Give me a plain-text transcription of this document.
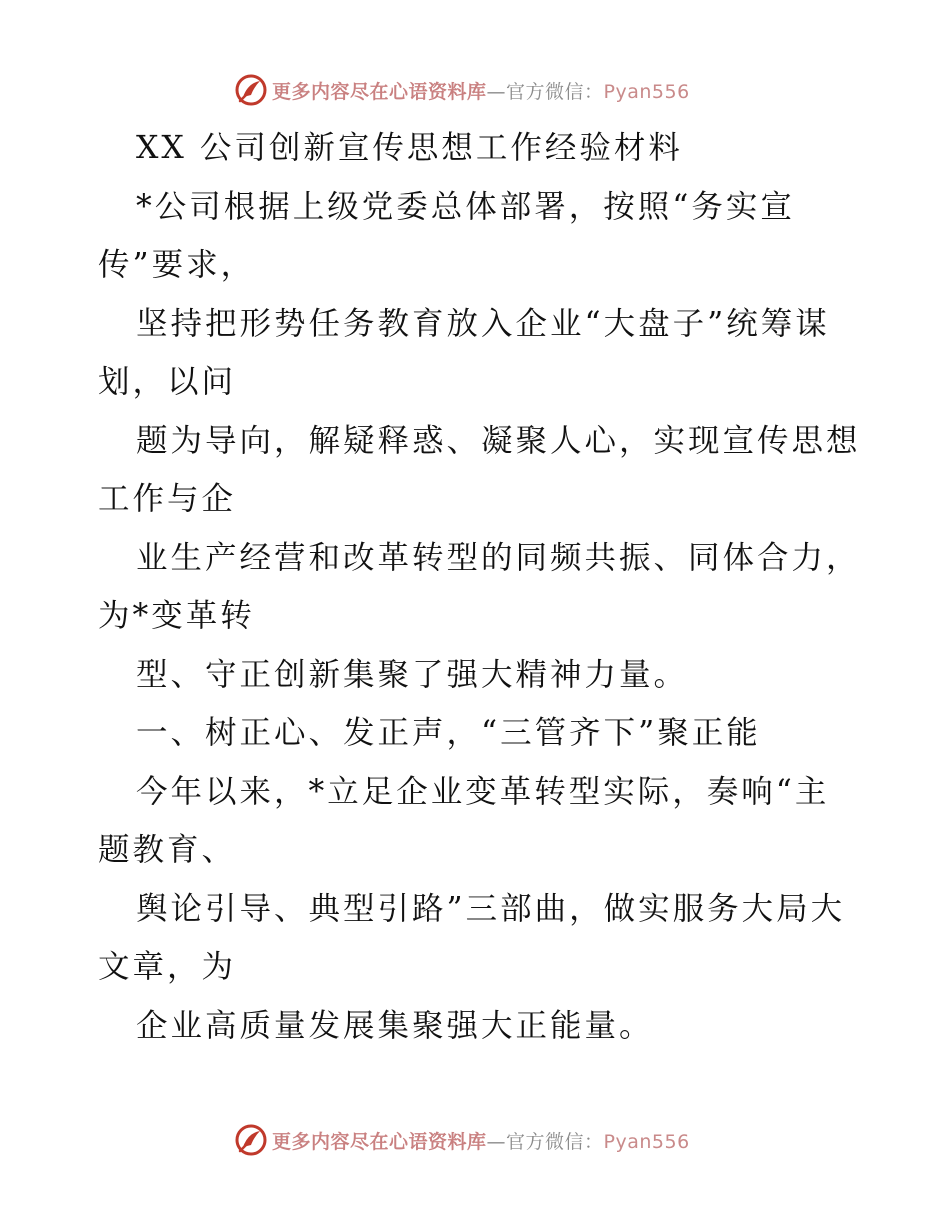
更多内容尽在心语资料库—官方微信：Pyan556
XX 公司创新宣传思想工作经验材料
*公司根据上级党委总体部署，按照“务实宣
传”要求，
坚持把形势任务教育放入企业“大盘子”统筹谋
划，以问
题为导向，解疑释惑、凝聚人心，实现宣传思想
工作与企
业生产经营和改革转型的同频共振、同体合力，
为*变革转
型、守正创新集聚了强大精神力量。
一、树正心、发正声，“三管齐下”聚正能
今年以来，*立足企业变革转型实际，奏响“主
题教育、
舆论引导、典型引路”三部曲，做实服务大局大
文章，为
企业高质量发展集聚强大正能量。
更多内容尽在心语资料库—官方微信：Pyan556
